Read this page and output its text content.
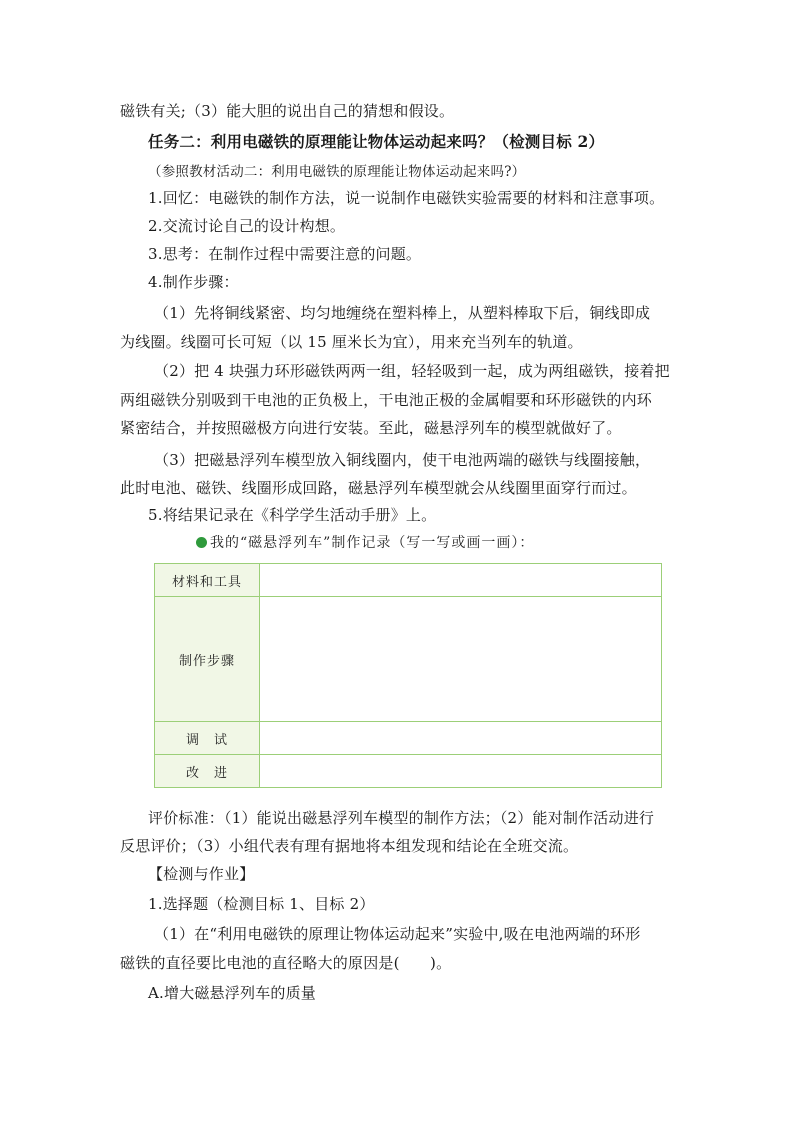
磁铁有关;（3）能大胆的说出自己的猜想和假设。
任务二：利用电磁铁的原理能让物体运动起来吗？（检测目标 2）
（参照教材活动二：利用电磁铁的原理能让物体运动起来吗?）
1.回忆：电磁铁的制作方法，说一说制作电磁铁实验需要的材料和注意事项。
2.交流讨论自己的设计构想。
3.思考：在制作过程中需要注意的问题。
4.制作步骤：
（1）先将铜线紧密、均匀地缠绕在塑料棒上，从塑料棒取下后，铜线即成
为线圈。线圈可长可短（以 15 厘米长为宜），用来充当列车的轨道。
（2）把 4 块强力环形磁铁两两一组，轻轻吸到一起，成为两组磁铁，接着把
两组磁铁分别吸到干电池的正负极上，干电池正极的金属帽要和环形磁铁的内环
紧密结合，并按照磁极方向进行安装。至此，磁悬浮列车的模型就做好了。
（3）把磁悬浮列车模型放入铜线圈内，使干电池两端的磁铁与线圈接触，
此时电池、磁铁、线圈形成回路，磁悬浮列车模型就会从线圈里面穿行而过。
5.将结果记录在《科学学生活动手册》上。
我的“磁悬浮列车”制作记录（写一写或画一画）：
材料和工具	
制作步骤	
调　试	
改　进	
评价标准：（1）能说出磁悬浮列车模型的制作方法；（2）能对制作活动进行
反思评价；（3）小组代表有理有据地将本组发现和结论在全班交流。
【检测与作业】
1.选择题（检测目标 1、目标 2）
（1）在“利用电磁铁的原理让物体运动起来”实验中,吸在电池两端的环形
磁铁的直径要比电池的直径略大的原因是(　　)。
A.增大磁悬浮列车的质量
